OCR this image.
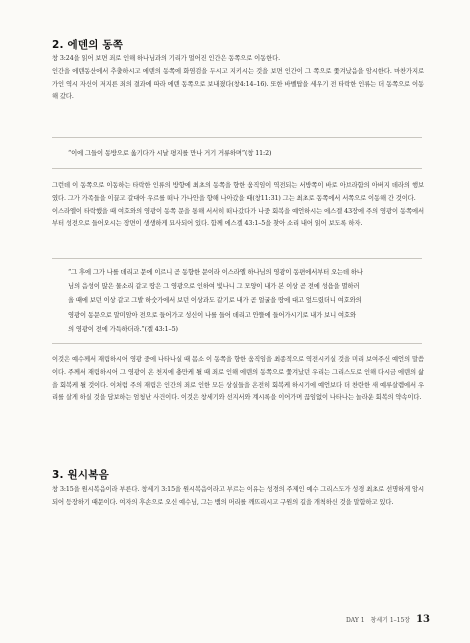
2. 에덴의 동쪽

창 3:24을 읽어 보면 죄로 인해 하나님과의 기리가 멀어진 인간은 동쪽으로 이동한다.
인간을 에덴동산에서 추출하시고 에덴의 동쪽에 화염검을 두시고 지키시는 것을 보면 인간이 그 쪽으로 쫓겨났음을 암시한다. 마찬가지로 가인 역시 자신이 저지른 죄의 결과에 따라 에덴 동쪽으로 보내졌다(창4:14–16). 또한 바벨탑을 세우기 전 타락한 인류는 더 동쪽으로 이동해 갔다.

“이에 그들이 동방으로 옮기다가 시날 평지를 만나 거기 거류하며”(창 11:2)

그런데 이 동쪽으로 이동하는 타락한 인류의 방향에 최초의 동쪽을 향한 움직임이 역전되는 서방쪽이 바로 아브라함의 아버지 데라의 행보였다. 그가 가족들을 이끌고 갈대아 우르를 떠나 가나안을 향해 나아갔을 때(창11:31) 그는 최초로 동쪽에서 서쪽으로 이동해 간 것이다.
이스라엘이 타락했을 때 여호와의 영광이 동쪽 문을 통해 서서히 떠나갔다가 나중 회복을 예언하시는 에스겔 43장에 주의 영광이 동쪽에서부터 성전으로 들어오시는 장면이 생생하게 묘사되어 있다. 함께 에스겔 43:1–5을 찾아 소리 내어 읽어 보도록 하자.

“그 후에 그가 나를 데리고 문에 이르니 곧 동향한 문이라 이스라엘 하나님의 영광이 동편에서부터 오는데 하나
님의 음성이 많은 물소리 같고 땅은 그 영광으로 인하여 빛나니 그 모양이 내가 본 이상 곧 전에 성읍을 멸하러
올 때에 보던 이상 같고 그발 하숫가에서 보던 이상과도 같기로 내가 곧 얼굴을 땅에 대고 엎드렸더니 여호와의
영광이 동문으로 말미암아 전으로 들어가고 성신이 나를 들어 데리고 안뜰에 들어가시기로 내가 보니 여호와
의 영광이 전에 가득하더라.”(겔 43:1–5)

이것은 예수께서 재림하시어 영광 중에 나타나실 때 몸소 이 동쪽을 향한 움직임을 최종적으로 역전시키실 것을 미리 보여주신 예언의 말씀이다. 주께서 재림하시어 그 영광이 온 천지에 충만케 될 때 죄로 인해 에덴의 동쪽으로 쫓겨났던 우리는 그리스도로 인해 다시금 에덴의 삶을 회복케 될 것이다. 이처럼 주의 재림은 인간의 죄로 인한 모든 상실들을 온전히 회복케 하시기에 예언보다 더 찬란한 새 예루살렘에서 우리를 살게 하실 것을 담보하는 엄청난 사건이다. 이것은 창세기와 선지서와 계시록을 이어가며 끊임없이 나타나는 놀라운 회복의 약속이다.

3. 원시복음

창 3:15을 원시복음이라 부른다. 창세기 3:15을 원시복음이라고 부르는 이유는 성경의 주제인 예수 그리스도가 성경 최초로 선명하게 암시되어 등장하기 때문이다. 여자의 후손으로 오신 예수님, 그는 뱀의 머리를 깨뜨리시고 구원의 길을 개척하신 것을 말함하고 있다.

DAY 1 창세기 1–15장 13
